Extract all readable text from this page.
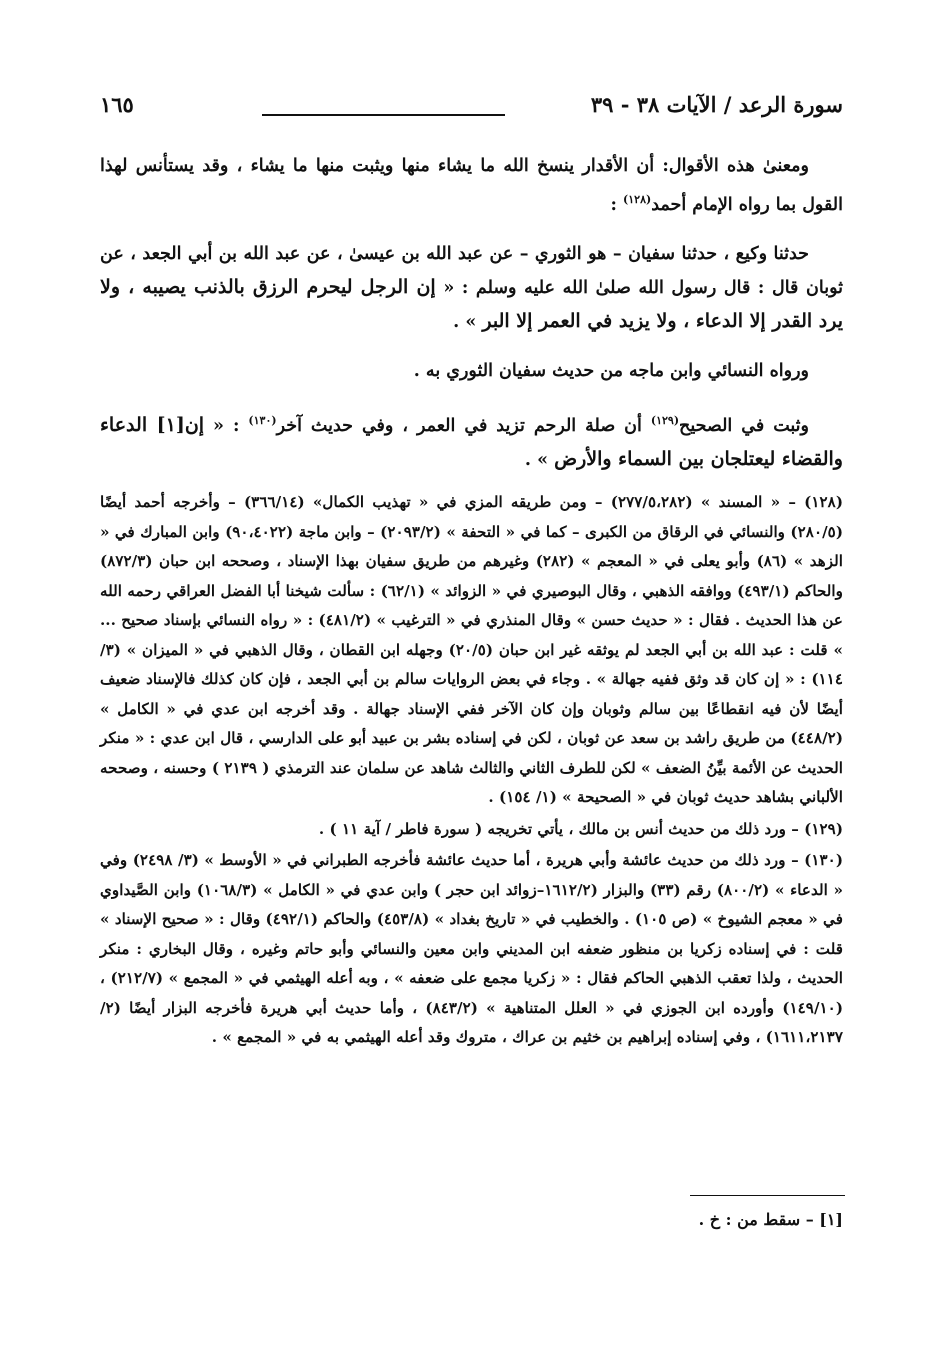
سورة الرعد / الآيات ٣٨ - ٣٩
١٦٥

ومعنىٰ هذه الأقوال: أن الأقدار ينسخ الله ما يشاء منها ويثبت منها ما يشاء ، وقد يستأنس لهذا القول بما رواه الإمام أحمد$^{(١٢٨)}$ :

حدثنا وكيع ، حدثنا سفيان – هو الثوري – عن عبد الله بن عيسىٰ ، عن عبد الله بن أبي الجعد ، عن ثوبان قال : قال رسول الله صلىٰ الله عليه وسلم : « إن الرجل ليحرم الرزق بالذنب يصيبه ، ولا يرد القدر إلا الدعاء ، ولا يزيد في العمر إلا البر » .

ورواه النسائي وابن ماجه من حديث سفيان الثوري به .

وثبت في الصحيح$^{(١٢٩)}$ أن صلة الرحم تزيد في العمر ، وفي حديث آخر$^{(١٣٠)}$ : « إن[١] الدعاء والقضاء ليعتلجان بين السماء والأرض » .

(١٢٨) – « المسند » (٢٧٧/٥،٢٨٢) – ومن طريقه المزي في « تهذيب الكمال» (٣٦٦/١٤) – وأخرجه أحمد أيضًا (٢٨٠/٥) والنسائي في الرقاق من الكبرى – كما في « التحفة » (٢٠٩٣/٢) – وابن ماجة (٩٠،٤٠٢٢) وابن المبارك في « الزهد » (٨٦) وأبو يعلى في « المعجم » (٢٨٢) وغيرهم من طريق سفيان بهذا الإسناد ، وصححه ابن حبان (٨٧٢/٣) والحاكم (٤٩٣/١) ووافقه الذهبي ، وقال البوصيري في « الزوائد » (٦٢/١) : سألت شيخنا أبا الفضل العراقي رحمه الله عن هذا الحديث . فقال : « حديث حسن » وقال المنذري في « الترغيب » (٤٨١/٢) : « رواه النسائي بإسناد صحيح ... » قلت : عبد الله بن أبي الجعد لم يوثقه غير ابن حبان (٢٠/٥) وجهله ابن القطان ، وقال الذهبي في « الميزان » (٣/ ١١٤) : « إن كان قد وثق ففيه جهالة » . وجاء في بعض الروايات سالم بن أبي الجعد ، فإن كان كذلك فالإسناد ضعيف أيضًا لأن فيه انقطاعًا بين سالم وثوبان وإن كان الآخر ففي الإسناد جهالة . وقد أخرجه ابن عدي في « الكامل » (٤٤٨/٢) من طريق راشد بن سعد عن ثوبان ، لكن في إسناده بشر بن عبيد أبو على الدارسي ، قال ابن عدي : « منكر الحديث عن الأئمة بيِّنُ الضعف » لكن للطرف الثاني والثالث شاهد عن سلمان عند الترمذي ( ٢١٣٩ ) وحسنه ، وصححه الألباني بشاهد حديث ثوبان في « الصحيحة » (١/ ١٥٤) .

(١٢٩) – ورد ذلك من حديث أنس بن مالك ، يأتي تخريجه ( سورة فاطر / آية ١١ ) .

(١٣٠) – ورد ذلك من حديث عائشة وأبي هريرة ، أما حديث عائشة فأخرجه الطبراني في « الأوسط » (٣/ ٢٤٩٨) وفي « الدعاء » (٨٠٠/٢) رقم (٣٣) والبزار (١٦١٢/٢–زوائد ابن حجر ) وابن عدي في « الكامل » (١٠٦٨/٣) وابن الصَّيداوي في « معجم الشيوخ » (ص ١٠٥) . والخطيب في « تاريخ بغداد » (٤٥٣/٨) والحاكم (٤٩٢/١) وقال : « صحيح الإسناد » قلت : في إسناده زكريا بن منظور ضعفه ابن المديني وابن معين والنسائي وأبو حاتم وغيره ، وقال البخاري : منكر الحديث ، ولذا تعقب الذهبي الحاكم فقال : « زكريا مجمع على ضعفه » ، وبه أعله الهيثمي في « المجمع » (٢١٢/٧) ، (١٤٩/١٠) وأورده ابن الجوزي في « العلل المتناهية » (٨٤٣/٢) ، وأما حديث أبي هريرة فأخرجه البزار أيضًا (٢/ ١٦١١،٢١٣٧) ، وفي إسناده إبراهيم بن خثيم بن عراك ، متروك وقد أعله الهيثمي به في « المجمع » .

[١] – سقط من : خ .
